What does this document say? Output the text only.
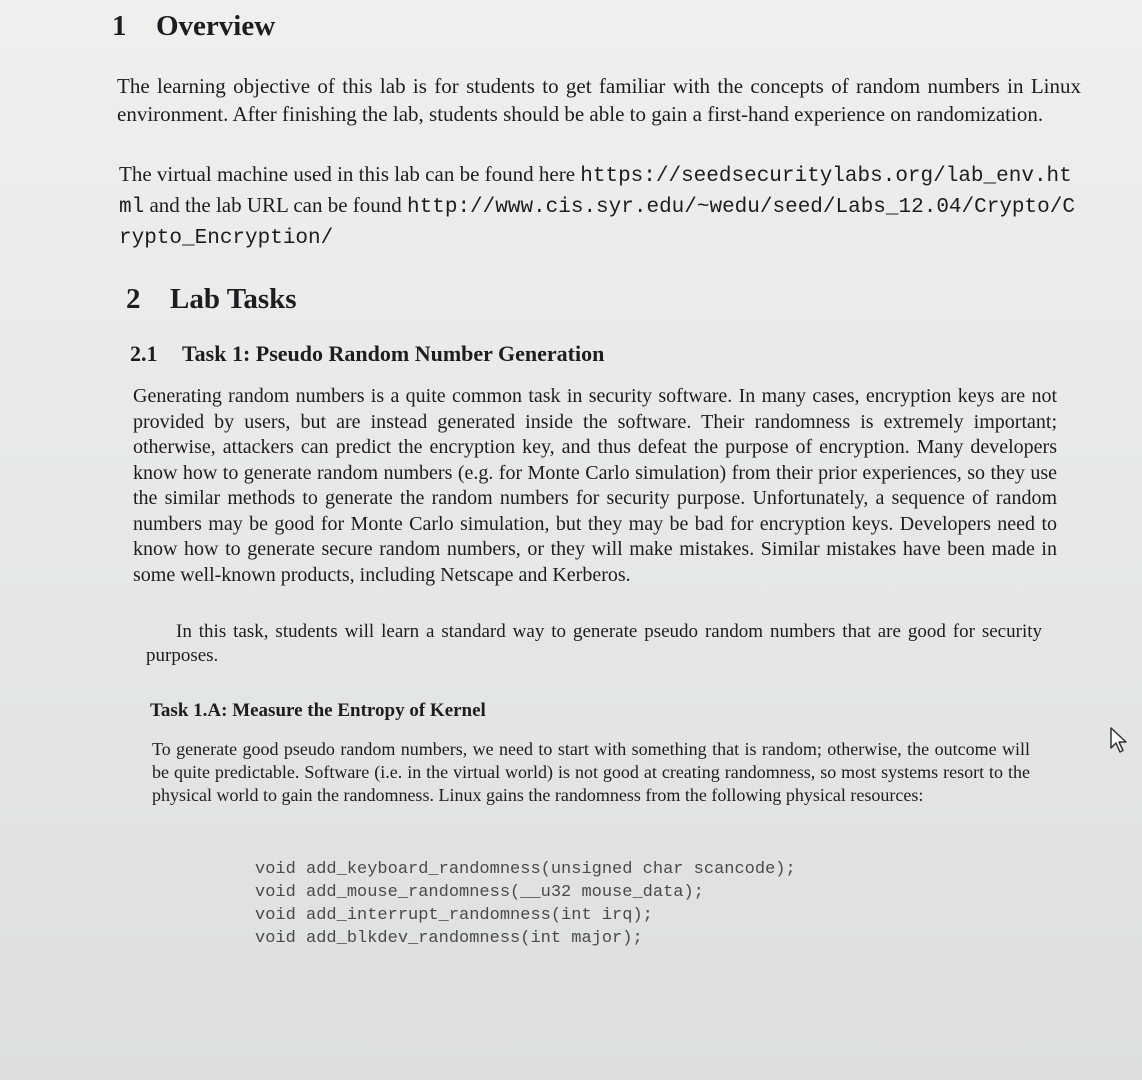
1 Overview

The learning objective of this lab is for students to get familiar with the concepts of random numbers in Linux environment. After finishing the lab, students should be able to gain a first-hand experience on randomization.

The virtual machine used in this lab can be found here https://seedsecuritylabs.org/lab_env.html and the lab URL can be found http://www.cis.syr.edu/~wedu/seed/Labs_12.04/Crypto/Crypto_Encryption/

2 Lab Tasks
2.1 Task 1: Pseudo Random Number Generation

Generating random numbers is a quite common task in security software. In many cases, encryption keys are not provided by users, but are instead generated inside the software. Their randomness is extremely important; otherwise, attackers can predict the encryption key, and thus defeat the purpose of encryption. Many developers know how to generate random numbers (e.g. for Monte Carlo simulation) from their prior experiences, so they use the similar methods to generate the random numbers for security purpose. Unfortunately, a sequence of random numbers may be good for Monte Carlo simulation, but they may be bad for encryption keys. Developers need to know how to generate secure random numbers, or they will make mistakes. Similar mistakes have been made in some well-known products, including Netscape and Kerberos.

In this task, students will learn a standard way to generate pseudo random numbers that are good for security purposes.

Task 1.A: Measure the Entropy of Kernel

To generate good pseudo random numbers, we need to start with something that is random; otherwise, the outcome will be quite predictable. Software (i.e. in the virtual world) is not good at creating randomness, so most systems resort to the physical world to gain the randomness. Linux gains the randomness from the following physical resources:

void add_keyboard_randomness(unsigned char scancode);
void add_mouse_randomness(__u32 mouse_data);
void add_interrupt_randomness(int irq);
void add_blkdev_randomness(int major);
